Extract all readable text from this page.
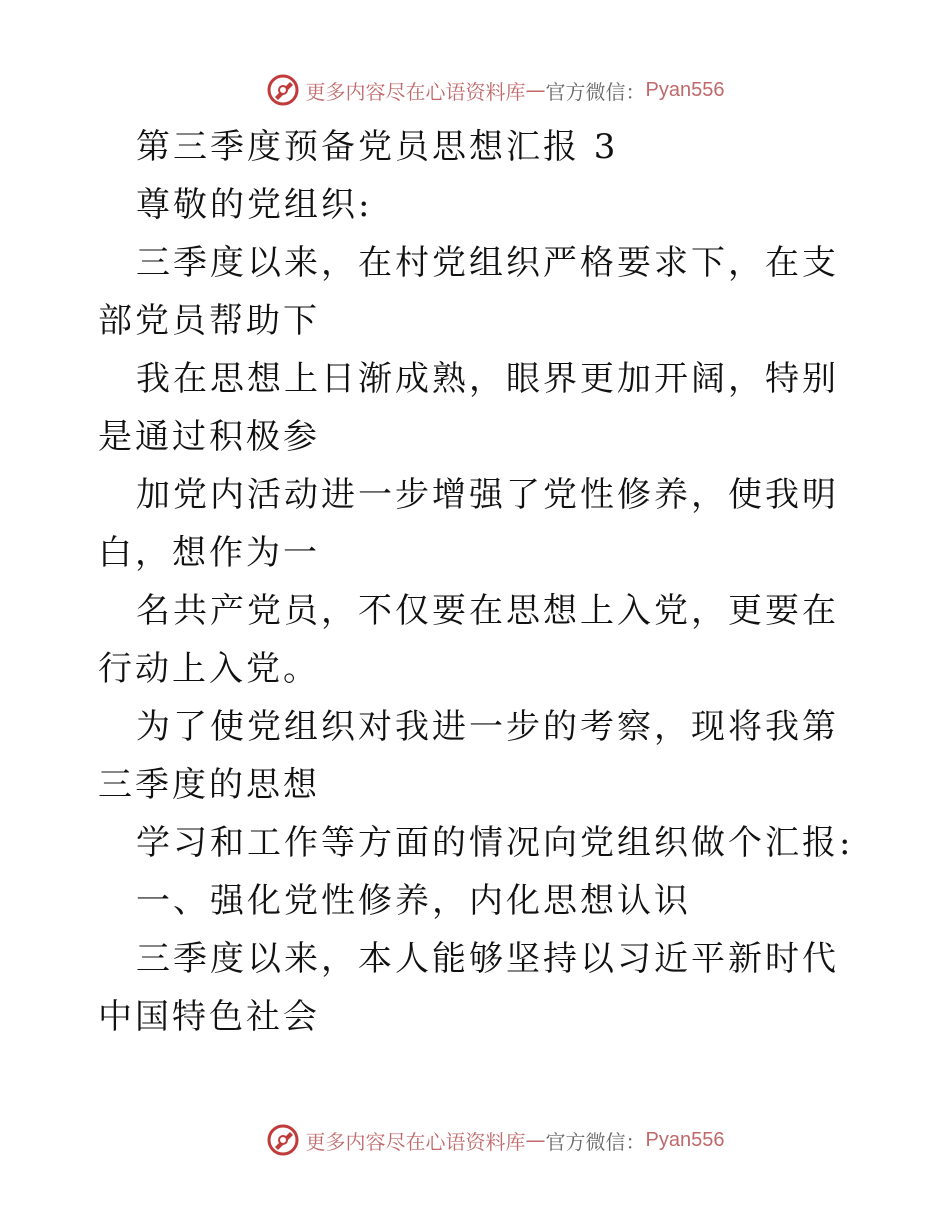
更多内容尽在心语资料库 — 官方微信： Pyan556

第三季度预备党员思想汇报 3

尊敬的党组织:

三季度以来，在村党组织严格要求下，在支部党员帮助下

我在思想上日渐成熟，眼界更加开阔，特别是通过积极参

加党内活动进一步增强了党性修养，使我明白，想作为一

名共产党员，不仅要在思想上入党，更要在行动上入党。

为了使党组织对我进一步的考察，现将我第三季度的思想

学习和工作等方面的情况向党组织做个汇报:

一、强化党性修养，内化思想认识

三季度以来，本人能够坚持以习近平新时代中国特色社会

更多内容尽在心语资料库 — 官方微信： Pyan556
